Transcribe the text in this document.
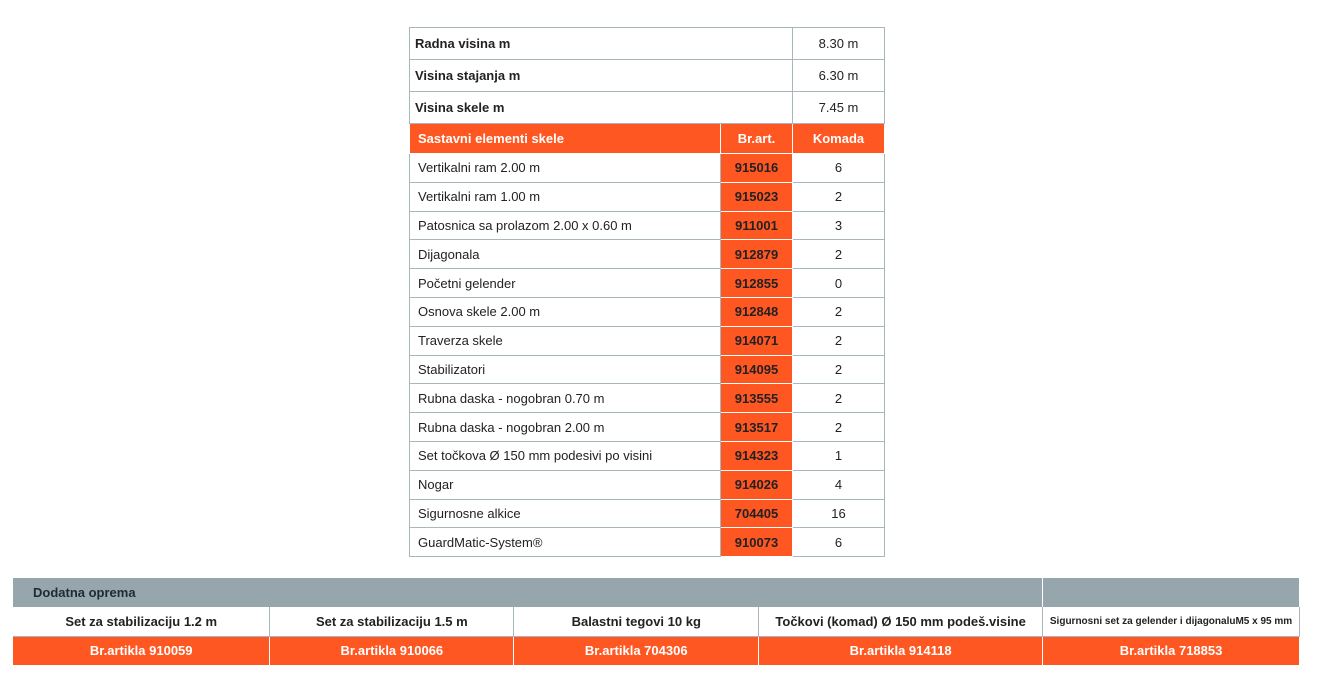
Radna visina m		8.30 m
Visina stajanja m		6.30 m
Visina skele m		7.45 m
Sastavni elementi skele	Br.art.	Komada
Vertikalni ram 2.00 m	915016	6
Vertikalni ram 1.00 m	915023	2
Patosnica sa prolazom 2.00 x 0.60 m	911001	3
Dijagonala	912879	2
Početni gelender	912855	0
Osnova skele 2.00 m	912848	2
Traverza skele	914071	2
Stabilizatori	914095	2
Rubna daska - nogobran 0.70 m	913555	2
Rubna daska - nogobran 2.00 m	913517	2
Set točkova Ø 150 mm podesivi po visini	914323	1
Nogar	914026	4
Sigurnosne alkice	704405	16
GuardMatic-System®	910073	6
Dodatna oprema				
Set za stabilizaciju 1.2 m	Set za stabilizaciju 1.5 m	Balastni tegovi 10 kg	Točkovi (komad) Ø 150 mm podeš.visine	Sigurnosni set za gelender i dijagonaluM5 x 95 mm
Br.artikla 910059	Br.artikla 910066	Br.artikla 704306	Br.artikla 914118	Br.artikla 718853
